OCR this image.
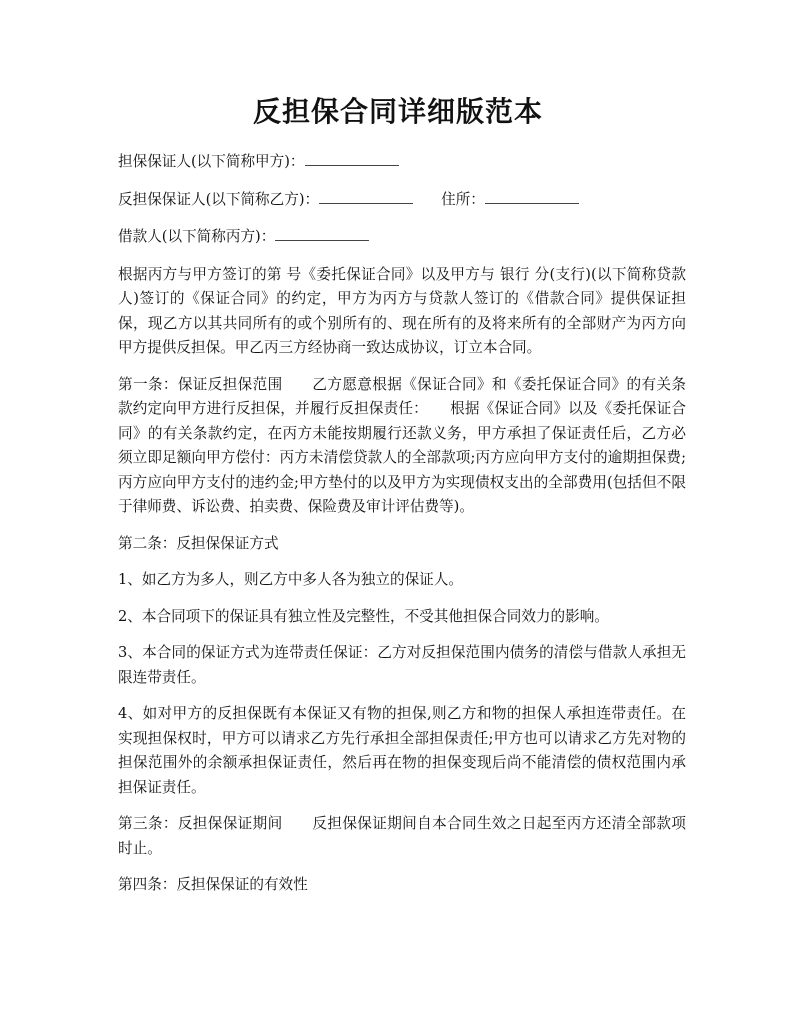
反担保合同详细版范本

担保保证人(以下简称甲方)：

反担保保证人(以下简称乙方)：	住所：

借款人(以下简称丙方)：

根据丙方与甲方签订的第 号《委托保证合同》以及甲方与 银行 分(支行)(以下简称贷款人)签订的《保证合同》的约定，甲方为丙方与贷款人签订的《借款合同》提供保证担保，现乙方以其共同所有的或个别所有的、现在所有的及将来所有的全部财产为丙方向甲方提供反担保。甲乙丙三方经协商一致达成协议，订立本合同。

第一条：保证反担保范围　　乙方愿意根据《保证合同》和《委托保证合同》的有关条款约定向甲方进行反担保，并履行反担保责任：　　根据《保证合同》以及《委托保证合同》的有关条款约定，在丙方未能按期履行还款义务，甲方承担了保证责任后，乙方必须立即足额向甲方偿付：丙方未清偿贷款人的全部款项;丙方应向甲方支付的逾期担保费;丙方应向甲方支付的违约金;甲方垫付的以及甲方为实现债权支出的全部费用(包括但不限于律师费、诉讼费、拍卖费、保险费及审计评估费等)。

第二条：反担保保证方式

1、如乙方为多人，则乙方中多人各为独立的保证人。

2、本合同项下的保证具有独立性及完整性，不受其他担保合同效力的影响。

3、本合同的保证方式为连带责任保证：乙方对反担保范围内债务的清偿与借款人承担无限连带责任。

4、如对甲方的反担保既有本保证又有物的担保,则乙方和物的担保人承担连带责任。在实现担保权时，甲方可以请求乙方先行承担全部担保责任;甲方也可以请求乙方先对物的担保范围外的余额承担保证责任，然后再在物的担保变现后尚不能清偿的债权范围内承担保证责任。

第三条：反担保保证期间　　反担保保证期间自本合同生效之日起至丙方还清全部款项时止。

第四条：反担保保证的有效性
